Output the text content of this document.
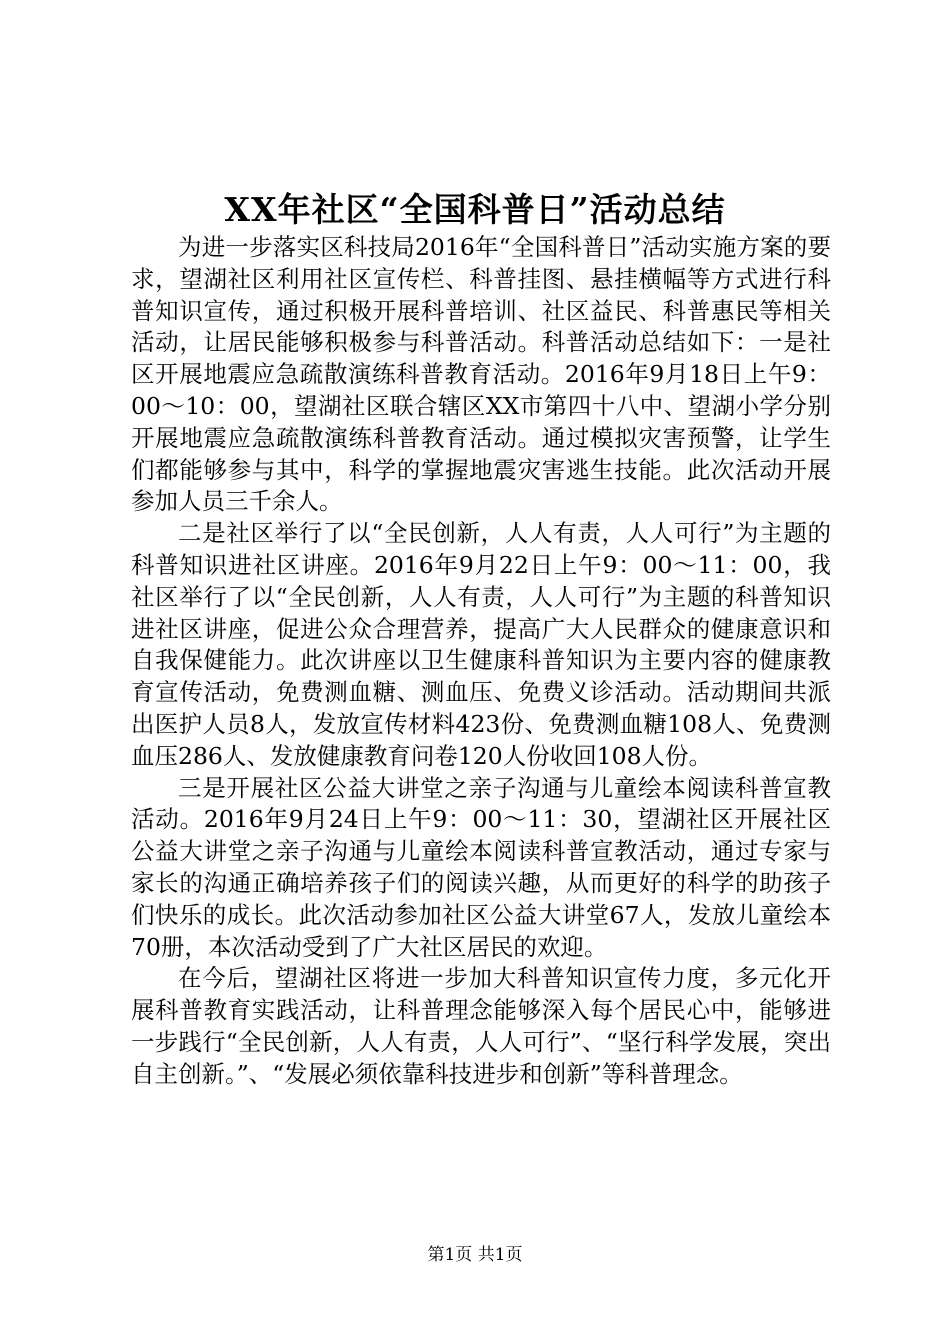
XX年社区“全国科普日”活动总结

为进一步落实区科技局2016年“全国科普日”活动实施方案的要求，望湖社区利用社区宣传栏、科普挂图、悬挂横幅等方式进行科普知识宣传，通过积极开展科普培训、社区益民、科普惠民等相关活动，让居民能够积极参与科普活动。科普活动总结如下：一是社区开展地震应急疏散演练科普教育活动。2016年9月18日上午9：00～10：00，望湖社区联合辖区XX市第四十八中、望湖小学分别开展地震应急疏散演练科普教育活动。通过模拟灾害预警，让学生们都能够参与其中，科学的掌握地震灾害逃生技能。此次活动开展参加人员三千余人。

二是社区举行了以“全民创新，人人有责，人人可行”为主题的科普知识进社区讲座。2016年9月22日上午9：00～11：00，我社区举行了以“全民创新，人人有责，人人可行”为主题的科普知识进社区讲座，促进公众合理营养，提高广大人民群众的健康意识和自我保健能力。此次讲座以卫生健康科普知识为主要内容的健康教育宣传活动，免费测血糖、测血压、免费义诊活动。活动期间共派出医护人员8人，发放宣传材料423份、免费测血糖108人、免费测血压286人、发放健康教育问卷120人份收回108人份。

三是开展社区公益大讲堂之亲子沟通与儿童绘本阅读科普宣教活动。2016年9月24日上午9：00～11：30，望湖社区开展社区公益大讲堂之亲子沟通与儿童绘本阅读科普宣教活动，通过专家与家长的沟通正确培养孩子们的阅读兴趣，从而更好的科学的助孩子们快乐的成长。此次活动参加社区公益大讲堂67人，发放儿童绘本70册，本次活动受到了广大社区居民的欢迎。

在今后，望湖社区将进一步加大科普知识宣传力度，多元化开展科普教育实践活动，让科普理念能够深入每个居民心中，能够进一步践行“全民创新，人人有责，人人可行”、“坚行科学发展，突出自主创新。”、“发展必须依靠科技进步和创新”等科普理念。

第1页 共1页
